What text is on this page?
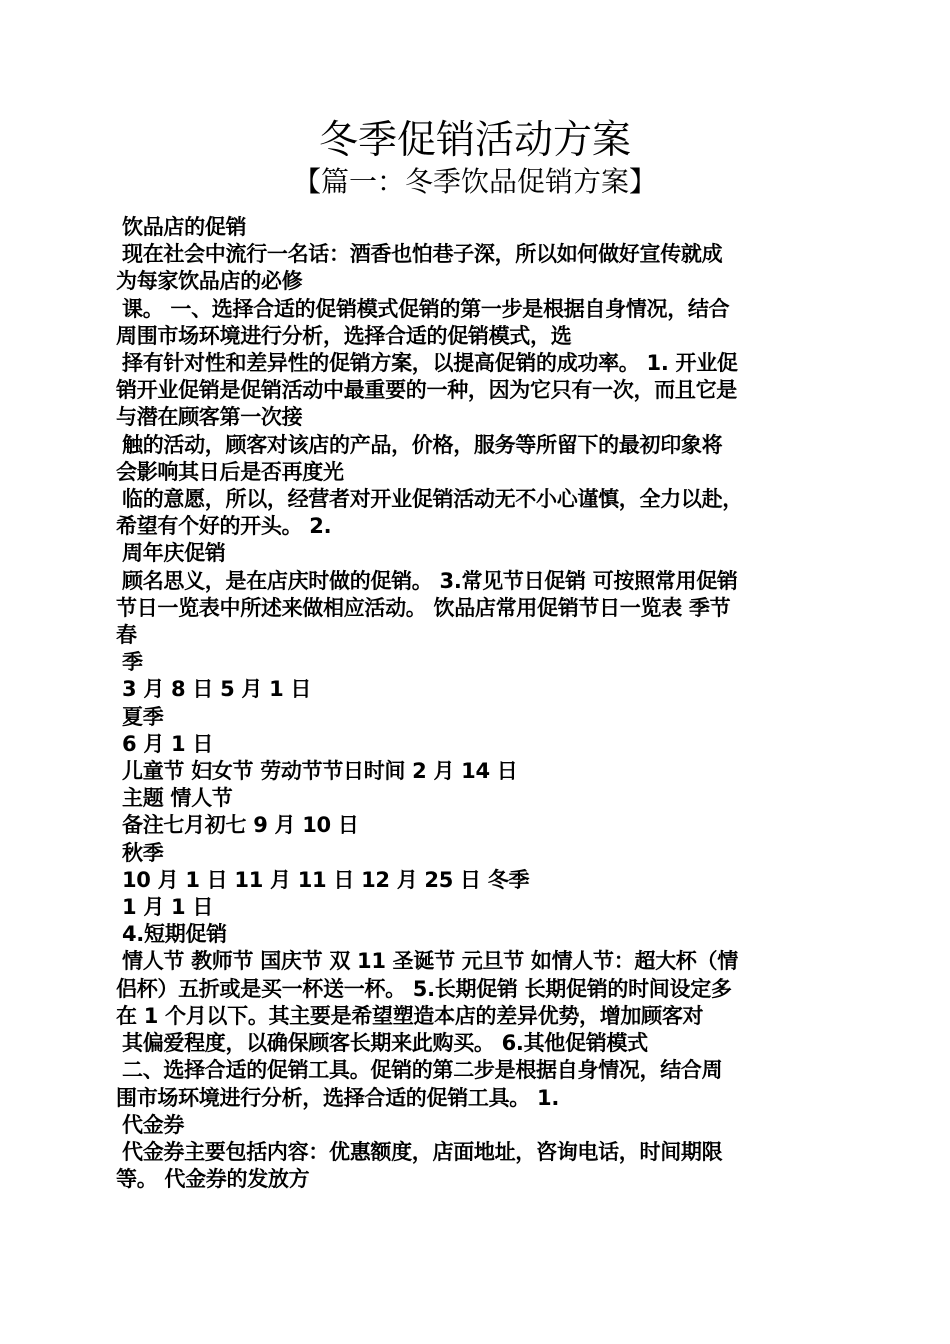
冬季促销活动方案
【篇一：冬季饮品促销方案】
饮品店的促销
现在社会中流行一名话：酒香也怕巷子深，所以如何做好宣传就成
为每家饮品店的必修
课。 一、选择合适的促销模式促销的第一步是根据自身情况，结合
周围市场环境进行分析，选择合适的促销模式，选
择有针对性和差异性的促销方案，以提高促销的成功率。 1. 开业促
销开业促销是促销活动中最重要的一种，因为它只有一次，而且它是
与潜在顾客第一次接
触的活动，顾客对该店的产品，价格，服务等所留下的最初印象将
会影响其日后是否再度光
临的意愿，所以，经营者对开业促销活动无不小心谨慎，全力以赴，
希望有个好的开头。 2.
周年庆促销
顾名思义，是在店庆时做的促销。 3.常见节日促销 可按照常用促销
节日一览表中所述来做相应活动。 饮品店常用促销节日一览表 季节
春
季
3 月 8 日 5 月 1 日
夏季
6 月 1 日
儿童节 妇女节 劳动节节日时间 2 月 14 日
主题 情人节
备注七月初七 9 月 10 日
秋季
10 月 1 日 11 月 11 日 12 月 25 日 冬季
1 月 1 日
4.短期促销
情人节 教师节 国庆节 双 11 圣诞节 元旦节 如情人节：超大杯（情
侣杯）五折或是买一杯送一杯。 5.长期促销 长期促销的时间设定多
在 1 个月以下。其主要是希望塑造本店的差异优势，增加顾客对
其偏爱程度，以确保顾客长期来此购买。 6.其他促销模式
二、选择合适的促销工具。促销的第二步是根据自身情况，结合周
围市场环境进行分析，选择合适的促销工具。 1.
代金券
代金券主要包括内容：优惠额度，店面地址，咨询电话，时间期限
等。 代金券的发放方
